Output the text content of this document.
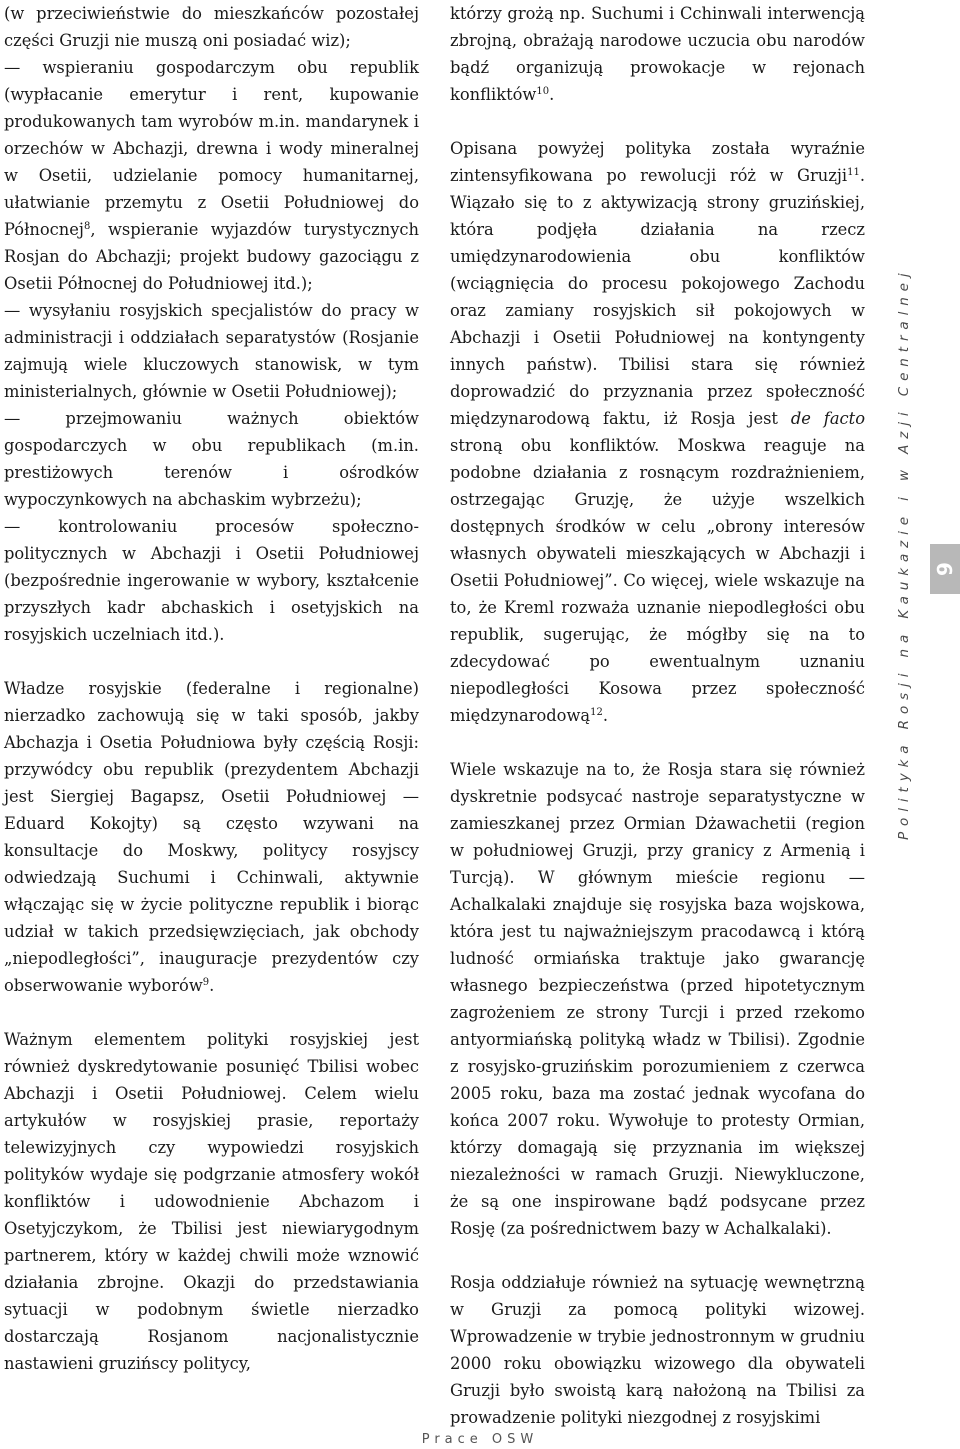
(w przeciwieństwie do mieszkańców pozostałej części Gruzji nie muszą oni posiadać wiz);
— wspieraniu gospodarczym obu republik (wypłacanie emerytur i rent, kupowanie produkowanych tam wyrobów m.in. mandarynek i orzechów w Abchazji, drewna i wody mineralnej w Osetii, udzielanie pomocy humanitarnej, ułatwianie przemytu z Osetii Południowej do Północnej$^8$, wspieranie wyjazdów turystycznych Rosjan do Abchazji; projekt budowy gazociągu z Osetii Północnej do Południowej itd.);
— wysyłaniu rosyjskich specjalistów do pracy w administracji i oddziałach separatystów (Rosjanie zajmują wiele kluczowych stanowisk, w tym ministerialnych, głównie w Osetii Południowej);
— przejmowaniu ważnych obiektów gospodarczych w obu republikach (m.in. prestiżowych terenów i ośrodków wypoczynkowych na abchaskim wybrzeżu);
— kontrolowaniu procesów społeczno-politycznych w Abchazji i Osetii Południowej (bezpośrednie ingerowanie w wybory, kształcenie przyszłych kadr abchaskich i osetyjskich na rosyjskich uczelniach itd.).

Władze rosyjskie (federalne i regionalne) nierzadko zachowują się w taki sposób, jakby Abchazja i Osetia Południowa były częścią Rosji: przywódcy obu republik (prezydentem Abchazji jest Siergiej Bagapsz, Osetii Południowej — Eduard Kokojty) są często wzywani na konsultacje do Moskwy, politycy rosyjscy odwiedzają Suchumi i Cchinwali, aktywnie włączając się w życie polityczne republik i biorąc udział w takich przedsięwzięciach, jak obchody „niepodległości”, inauguracje prezydentów czy obserwowanie wyborów$^9$.

Ważnym elementem polityki rosyjskiej jest również dyskredytowanie posunięć Tbilisi wobec Abchazji i Osetii Południowej. Celem wielu artykułów w rosyjskiej prasie, reportaży telewizyjnych czy wypowiedzi rosyjskich polityków wydaje się podgrzanie atmosfery wokół konfliktów i udowodnienie Abchazom i Osetyjczykom, że Tbilisi jest niewiarygodnym partnerem, który w każdej chwili może wznowić działania zbrojne. Okazji do przedstawiania sytuacji w podobnym świetle nierzadko dostarczają Rosjanom nacjonalistycznie nastawieni gruzińscy politycy,

którzy grożą np. Suchumi i Cchinwali interwencją zbrojną, obrażają narodowe uczucia obu narodów bądź organizują prowokacje w rejonach konfliktów$^{10}$.

Opisana powyżej polityka została wyraźnie zintensyfikowana po rewolucji róż w Gruzji$^{11}$. Wiązało się to z aktywizacją strony gruzińskiej, która podjęła działania na rzecz umiędzynarodowienia obu konfliktów (wciągnięcia do procesu pokojowego Zachodu oraz zamiany rosyjskich sił pokojowych w Abchazji i Osetii Południowej na kontyngenty innych państw). Tbilisi stara się również doprowadzić do przyznania przez społeczność międzynarodową faktu, iż Rosja jest de facto stroną obu konfliktów. Moskwa reaguje na podobne działania z rosnącym rozdrażnieniem, ostrzegając Gruzję, że użyje wszelkich dostępnych środków w celu „obrony interesów własnych obywateli mieszkających w Abchazji i Osetii Południowej”. Co więcej, wiele wskazuje na to, że Kreml rozważa uznanie niepodległości obu republik, sugerując, że mógłby się na to zdecydować po ewentualnym uznaniu niepodległości Kosowa przez społeczność międzynarodową$^{12}$.

Wiele wskazuje na to, że Rosja stara się również dyskretnie podsycać nastroje separatystyczne w zamieszkanej przez Ormian Dżawachetii (region w południowej Gruzji, przy granicy z Armenią i Turcją). W głównym mieście regionu — Achalkalaki znajduje się rosyjska baza wojskowa, która jest tu najważniejszym pracodawcą i którą ludność ormiańska traktuje jako gwarancję własnego bezpieczeństwa (przed hipotetycznym zagrożeniem ze strony Turcji i przed rzekomo antyormiańską polityką władz w Tbilisi). Zgodnie z rosyjsko-gruzińskim porozumieniem z czerwca 2005 roku, baza ma zostać jednak wycofana do końca 2007 roku. Wywołuje to protesty Ormian, którzy domagają się przyznania im większej niezależności w ramach Gruzji. Niewykluczone, że są one inspirowane bądź podsycane przez Rosję (za pośrednictwem bazy w Achalkalaki).

Rosja oddziałuje również na sytuację wewnętrzną w Gruzji za pomocą polityki wizowej. Wprowadzenie w trybie jednostronnym w grudniu 2000 roku obowiązku wizowego dla obywateli Gruzji było swoistą karą nałożoną na Tbilisi za prowadzenie polityki niezgodnej z rosyjskimi

Polityka Rosji na Kaukazie i w Azji Centralnej 9
Prace OSW
